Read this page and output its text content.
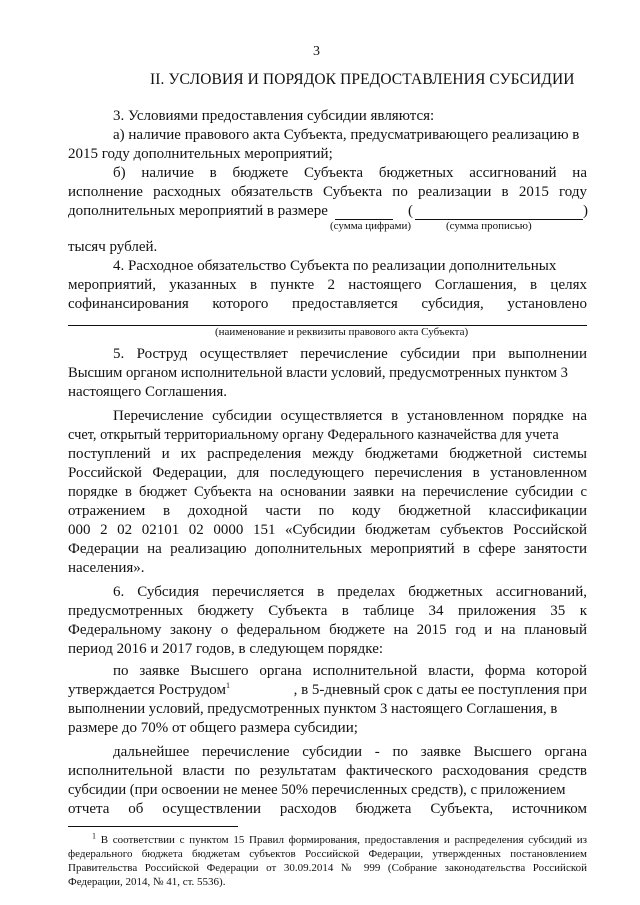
3
II. УСЛОВИЯ И ПОРЯДОК ПРЕДОСТАВЛЕНИЯ СУБСИДИИ
3. Условиями предоставления субсидии являются:
а) наличие правового акта Субъекта, предусматривающего реализацию в
2015 году дополнительных мероприятий;
б) наличие в бюджете Субъекта бюджетных ассигнований на
исполнение расходных обязательств Субъекта по реализации в 2015 году
дополнительных мероприятий в размере	(	)
(сумма цифрами)	(сумма прописью)
тысяч рублей.
4. Расходное обязательство Субъекта по реализации дополнительных
мероприятий, указанных в пункте 2 настоящего Соглашения, в целях
софинансирования которого предоставляется субсидия, установлено
(наименование и реквизиты правового акта Субъекта)
5. Роструд осуществляет перечисление субсидии при выполнении
Высшим органом исполнительной власти условий, предусмотренных пунктом 3
настоящего Соглашения.
Перечисление субсидии осуществляется в установленном порядке на
счет, открытый территориальному органу Федерального казначейства для учета
поступлений и их распределения между бюджетами бюджетной системы
Российской Федерации, для последующего перечисления в установленном
порядке в бюджет Субъекта на основании заявки на перечисление субсидии с
отражением в доходной части по коду бюджетной классификации
000 2 02 02101 02 0000 151 «Субсидии бюджетам субъектов Российской
Федерации на реализацию дополнительных мероприятий в сфере занятости
населения».
6. Субсидия перечисляется в пределах бюджетных ассигнований,
предусмотренных бюджету Субъекта в таблице 34 приложения 35 к
Федеральному закону о федеральном бюджете на 2015 год и на плановый
период 2016 и 2017 годов, в следующем порядке:
по заявке Высшего органа исполнительной власти, форма которой
утверждается Рострудом$^1$	, в 5-дневный срок с даты ее поступления при
выполнении условий, предусмотренных пунктом 3 настоящего Соглашения, в
размере до 70% от общего размера субсидии;
дальнейшее перечисление субсидии - по заявке Высшего органа
исполнительной власти по результатам фактического расходования средств
субсидии (при освоении не менее 50% перечисленных средств), с приложением
отчета об осуществлении расходов бюджета Субъекта, источником
$^1$ В соответствии с пунктом 15 Правил формирования, предоставления и распределения субсидий из
федерального бюджета бюджетам субъектов Российской Федерации, утвержденных постановлением
Правительства Российской Федерации от 30.09.2014 № 999 (Собрание законодательства Российской
Федерации, 2014, № 41, ст. 5536).
